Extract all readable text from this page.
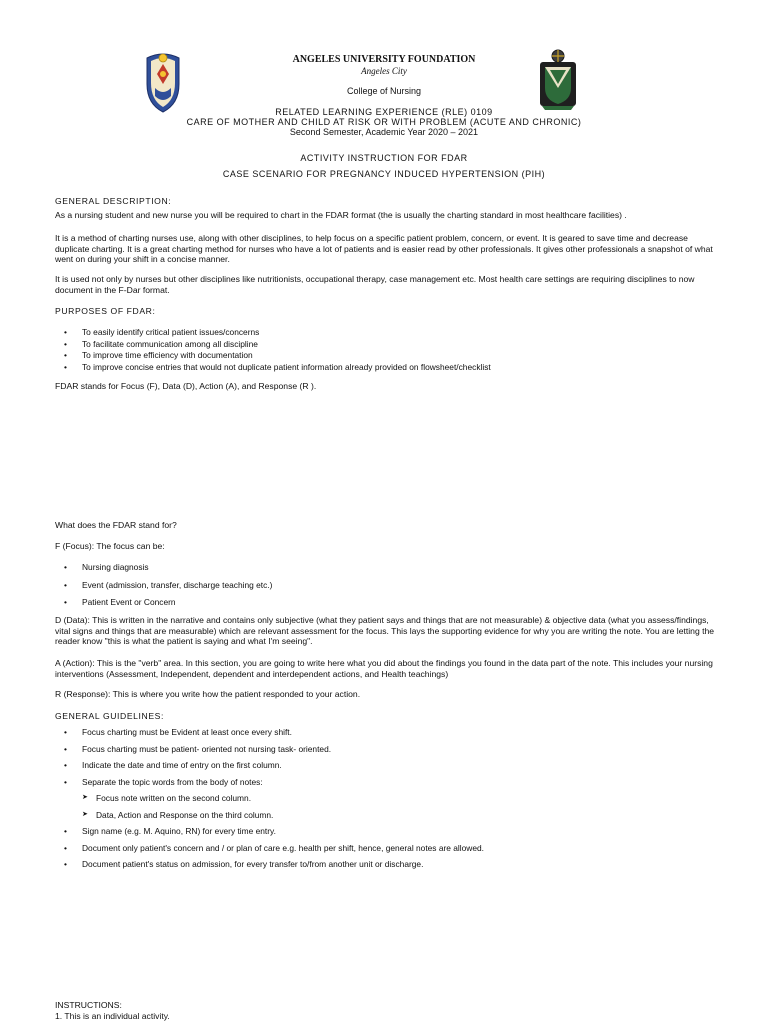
ANGELES UNIVERSITY FOUNDATION
Angeles City
College of Nursing
RELATED LEARNING EXPERIENCE (RLE) 0109
CARE OF MOTHER AND CHILD AT RISK OR WITH PROBLEM (ACUTE AND CHRONIC)
Second Semester, Academic Year 2020 – 2021
ACTIVITY INSTRUCTION FOR FDAR
CASE SCENARIO FOR PREGNANCY INDUCED HYPERTENSION (PIH)
GENERAL DESCRIPTION:
As a nursing student and new nurse you will be required to chart in the FDAR format (the is usually the charting standard in most healthcare facilities) .
It is a method of charting nurses use, along with other disciplines, to help focus on a specific patient problem, concern, or event. It is geared to save time and decrease duplicate charting. It is a great charting method for nurses who have a lot of patients and is easier read by other professionals. It gives other professionals a snapshot of what went on during your shift in a concise manner.
It is used not only by nurses but other disciplines like nutritionists, occupational therapy, case management etc. Most health care settings are requiring disciplines to now document in the F-Dar format.
PURPOSES OF FDAR:
• To easily identify critical patient issues/concerns
• To facilitate communication among all discipline
• To improve time efficiency with documentation
• To improve concise entries that would not duplicate patient information already provided on flowsheet/checklist
FDAR stands for Focus (F), Data (D), Action (A), and Response (R ).
What does the FDAR stand for?
F (Focus): The focus can be:
• Nursing diagnosis
• Event (admission, transfer, discharge teaching etc.)
• Patient Event or Concern
D (Data): This is written in the narrative and contains only subjective (what they patient says and things that are not measurable) & objective data (what you assess/findings, vital signs and things that are measurable) which are relevant assessment for the focus. This lays the supporting evidence for why you are writing the note. You are letting the reader know "this is what the patient is saying and what I'm seeing".
A (Action): This is the "verb" area. In this section, you are going to write here what you did about the findings you found in the data part of the note. This includes your nursing interventions (Assessment, Independent, dependent and interdependent actions, and Health teachings)
R (Response): This is where you write how the patient responded to your action.
GENERAL GUIDELINES:
• Focus charting must be Evident at least once every shift.
• Focus charting must be patient- oriented not nursing task- oriented.
• Indicate the date and time of entry on the first column.
• Separate the topic words from the body of notes:
➤ Focus note written on the second column.
➤ Data, Action and Response on the third column.
• Sign name (e.g. M. Aquino, RN) for every time entry.
• Document only patient's concern and / or plan of care e.g. health per shift, hence, general notes are allowed.
• Document patient's status on admission, for every transfer to/from another unit or discharge.
INSTRUCTIONS:
1. This is an individual activity.
